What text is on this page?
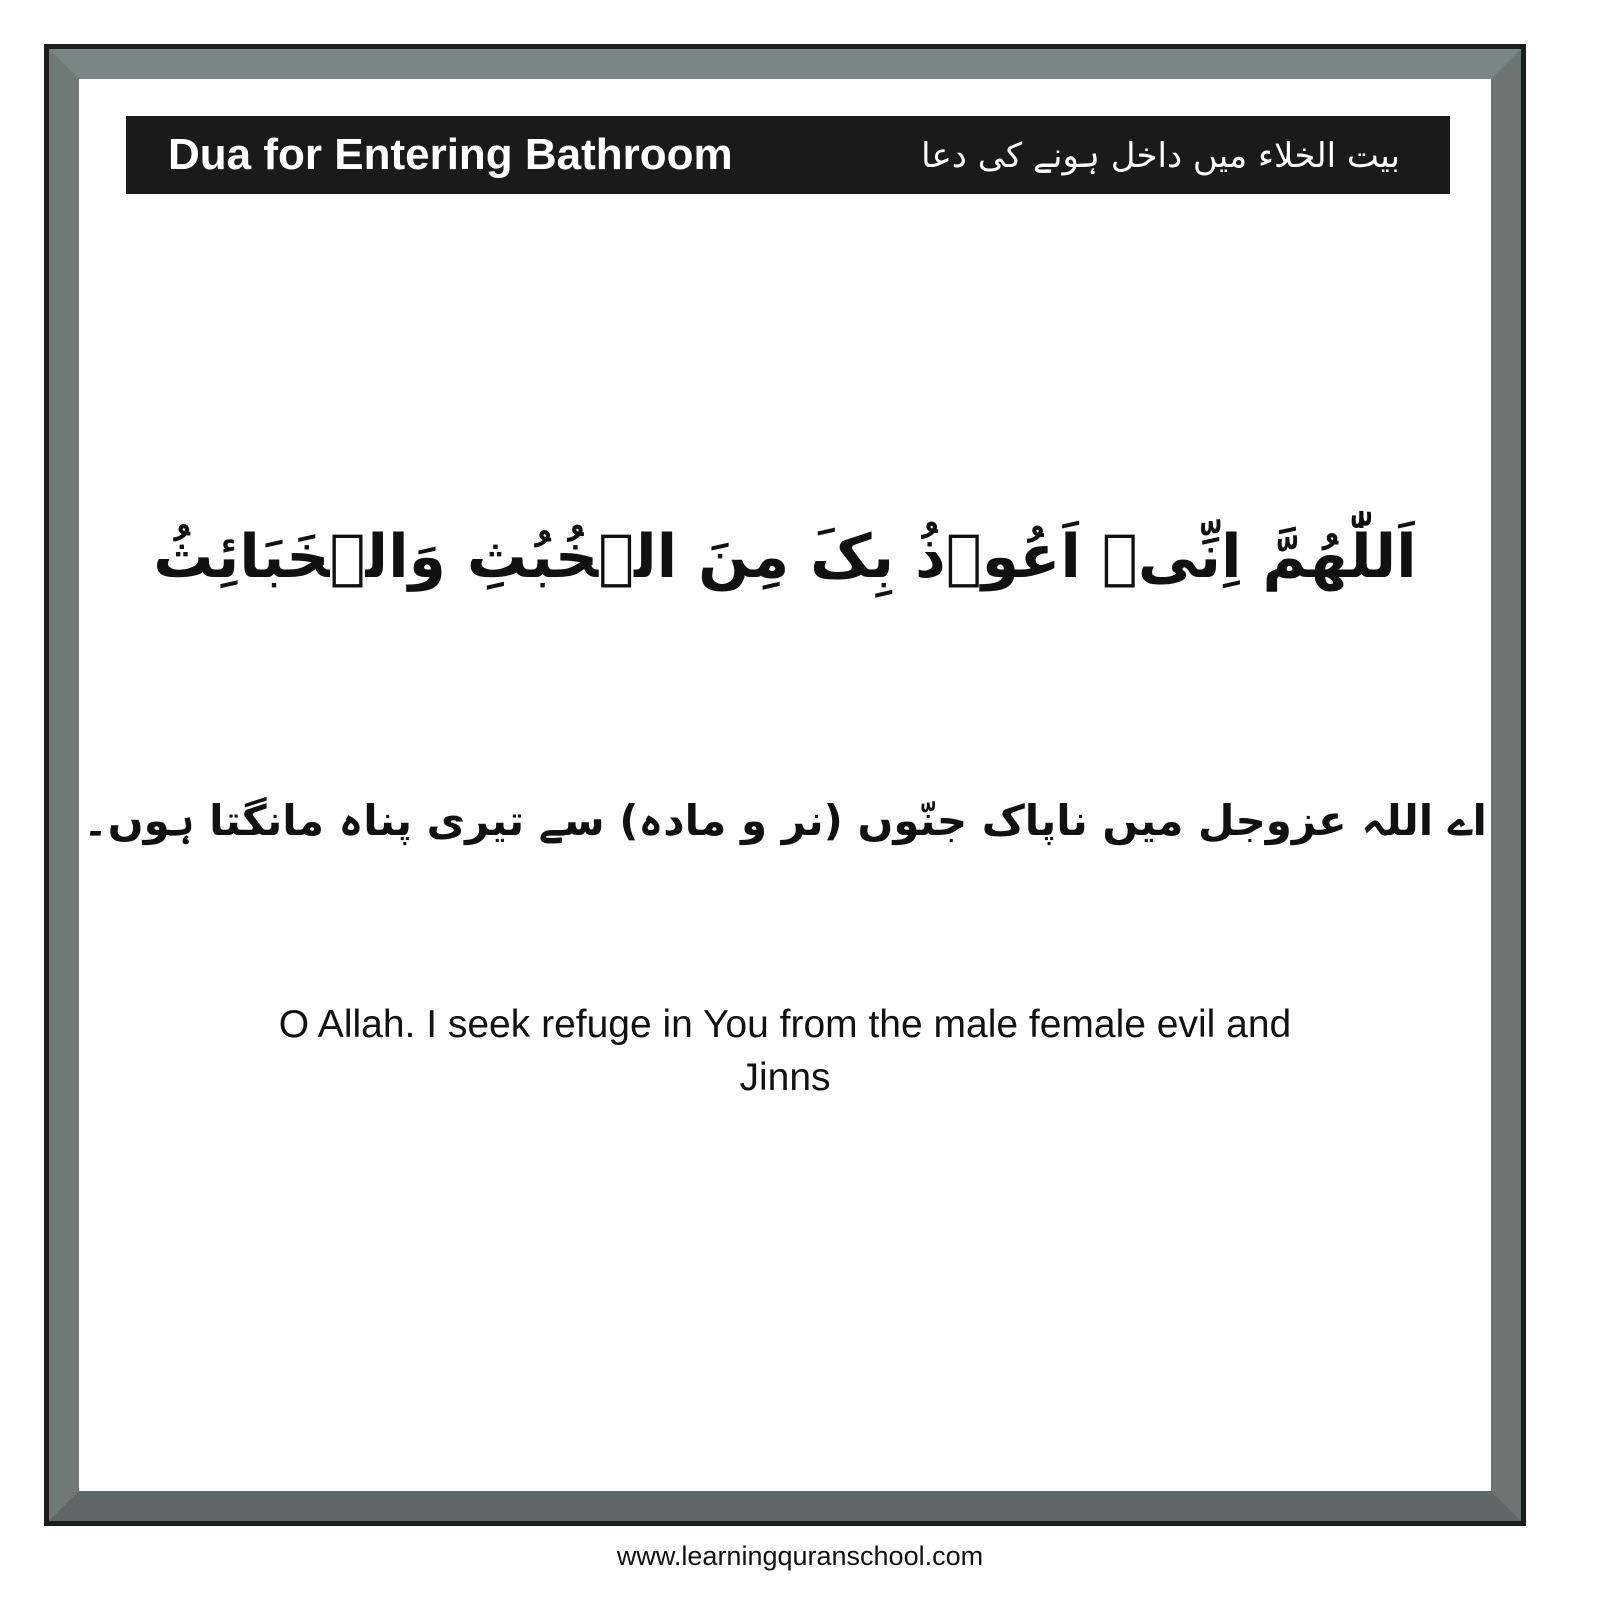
Dua for Entering Bathroom	بیت الخلاء میں داخل ہونے کی دعا
اَللّٰهُمَّ اِنِّیۡ اَعُوۡذُ بِکَ مِنَ الۡخُبُثِ وَالۡخَبَائِثُ
اے اللہ عزوجل میں ناپاک جنّوں (نر و مادہ) سے تیری پناہ مانگتا ہوں۔
O Allah. I seek refuge in You from the male female evil and Jinns
www.learningquranschool.com
